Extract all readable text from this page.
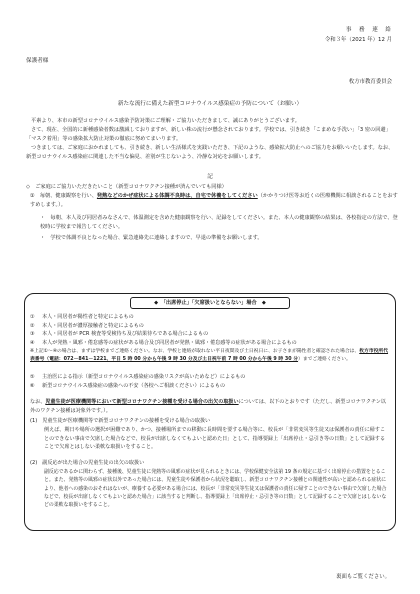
事　務　連　絡
令和３年（2021 年）12 月
保護者様
枚方市教育委員会
新たな流行に備えた新型コロナウイルス感染症の予防について（お願い）
平素より、本市の新型コロナウイルス感染予防対策にご理解・ご協力いただきまして、誠にありがとうございます。
さて、現在、全国的に新種感染者数は激減しておりますが、新しい株の流行が懸念されております。学校では、引き続き「こまめな手洗い」「3 密の回避」「マスク着用」等の感染拡大防止対策の徹底に努めてまいります。
つきましては、ご家庭におかれましても、引き続き、新しい生活様式を実践いただき、下記のような、感染拡大防止へのご協力をお願いいたします。なお、新型コロナウイルス感染症に関連した不当な偏見、差別が生じないよう、冷静な対応をお願いします。
記
◇　ご家庭にご協力いただきたいこと（新型コロナワクチン接種が済んでいても同様）
①　毎朝、健康観察を行い、発熱などのかぜ症状による体調不良時は、自宅で休養をしてください（かかりつけ医等お近くの医療機関に相談されることをおすすめします。）。
・　毎朝、本人及び同居者みなさんで、体温測定を含めた健康観察を行い、記録をしてください。また、本人の健康観察の結果は、各校指定の方法で、登校時に学校まで報告してください。
・　学校で体調不良となった場合、緊急連絡先に連絡しますので、早退の準備をお願いします。
◆　「出席停止」「欠席扱いとならない」場合　◆
①	本人・同居者が陽性者と特定によるもの
②	本人・同居者が濃厚接触者と特定によるもの
③	本人・同居者が PCR 検査等受検待ち及び結果待ちである場合によるもの
④	本人が発熱・風邪・倦怠感等の症状がある場合及び同居者が発熱・風邪・倦怠感等の症状がある場合によるもの
※上記①～④の場合は、まずは学校までご連絡ください。なお、学校と連絡が取れない平日夜間及び土日祝日に、お子さまが陽性者と確認された場合は、枚方市役所代表番号（電話：072－841－1221、平日 5 時 00 分から午後 9 時 30 分及び土日祝午前 7 時 00 分から午後 9 時 30 分）までご連絡ください。
⑤	主治医による指示（新型コロナウイルス感染症の感染リスクが高いためなど）によるもの
⑥	新型コロナウイルス感染症の感染への不安（各校へご相談ください）によるもの
なお、児童生徒が医療機関等において新型コロナワクチン接種を受ける場合の出欠の取扱いについては、以下のとおりです（ただし、新型コロナワクチン以外のワクチン接種は対象外です。）。
(1)　児童生徒が医療機関等で新型コロナワクチンの接種を受ける場合の取扱い
例えば、期日や場所の選択が困難であり、かつ、接種場所までの移動に長時間を要する場合等に、校長が「非常変災等生徒又は保護者の責任に帰すことのできない事由で欠席した場合などで、校長が出席しなくてもよいと認めた日」として、指導要録上「出席停止・忌引き等の日数」として記録することで欠席とはしない柔軟な取扱いをすること。
(2)　副反応が出た場合の児童生徒の出欠の取扱い
副反応であるかに関わらず、接種後、児童生徒に発熱等の風邪の症状が見られるときには、学校保健安全法第 19 条の規定に基づく出席停止の措置をとること。また、発熱等の風邪の症状以外であった場合には、児童生徒や保護者から状況を聴取し、新型コロナワクチン接種との関連性が高いと認められる症状により、他者への感染のおそれはないが、療養する必要がある場合には、校長が「非常変災等生徒又は保護者の責任に帰すことのできない事由で欠席した場合などで、校長が出席しなくてもよいと認めた場合」に該当すると判断し、指導要録上「出席停止・忌引き等の日数」として記録することで欠席とはしないなどの柔軟な取扱いをすること。
裏面もご覧ください。
